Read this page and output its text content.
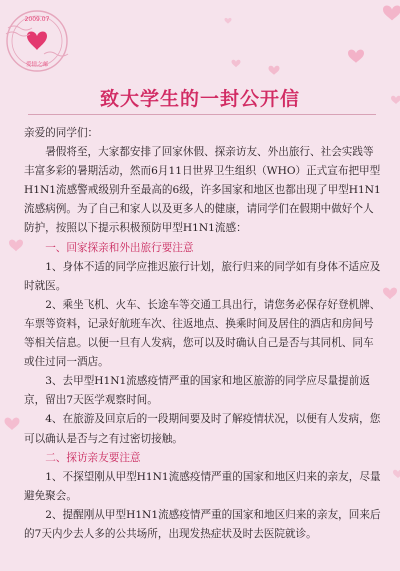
2009.07
爱情之邮
致大学生的一封公开信

亲爱的同学们：

暑假将至，大家都安排了回家休假、探亲访友、外出旅行、社会实践等丰富多彩的暑期活动，然而6月11日世界卫生组织（WHO）正式宣布把甲型H1N1流感警戒级别升至最高的6级，许多国家和地区也都出现了甲型H1N1流感病例。为了自己和家人以及更多人的健康，请同学们在假期中做好个人防护，按照以下提示积极预防甲型H1N1流感：

一、回家探亲和外出旅行要注意

1、身体不适的同学应推迟旅行计划，旅行归来的同学如有身体不适应及时就医。

2、乘坐飞机、火车、长途车等交通工具出行，请您务必保存好登机牌、车票等资料，记录好航班车次、往返地点、换乘时间及居住的酒店和房间号等相关信息。以便一旦有人发病，您可以及时确认自己是否与其同机、同车或住过同一酒店。

3、去甲型H1N1流感疫情严重的国家和地区旅游的同学应尽量提前返京，留出7天医学观察时间。

4、在旅游及回京后的一段期间要及时了解疫情状况，以便有人发病，您可以确认是否与之有过密切接触。

二、探访亲友要注意

1、不探望刚从甲型H1N1流感疫情严重的国家和地区归来的亲友，尽量避免聚会。

2、提醒刚从甲型H1N1流感疫情严重的国家和地区归来的亲友，回来后的7天内少去人多的公共场所，出现发热症状及时去医院就诊。
